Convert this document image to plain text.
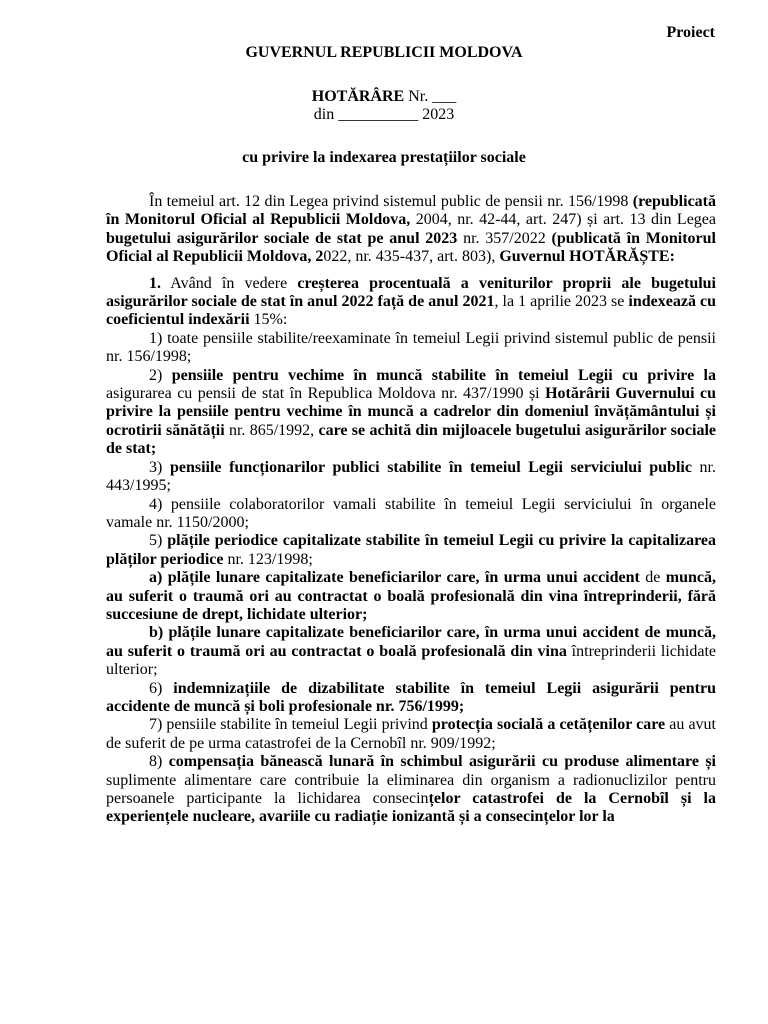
Proiect
GUVERNUL REPUBLICII MOLDOVA
HOTĂRÂRE Nr. ___
din __________ 2023
cu privire la indexarea prestațiilor sociale

În temeiul art. 12 din Legea privind sistemul public de pensii nr. 156/1998 (republicată în Monitorul Oficial al Republicii Moldova, 2004, nr. 42-44, art. 247) și art. 13 din Legea bugetului asigurărilor sociale de stat pe anul 2023 nr. 357/2022 (publicată în Monitorul Oficial al Republicii Moldova, 2022, nr. 435-437, art. 803), Guvernul HOTĂRĂȘTE:

1. Având în vedere creșterea procentuală a veniturilor proprii ale bugetului asigurărilor sociale de stat în anul 2022 față de anul 2021, la 1 aprilie 2023 se indexează cu coeficientul indexării 15%:

1) toate pensiile stabilite/reexaminate în temeiul Legii privind sistemul public de pensii nr. 156/1998;

2) pensiile pentru vechime în muncă stabilite în temeiul Legii cu privire la asigurarea cu pensii de stat în Republica Moldova nr. 437/1990 și Hotărârii Guvernului cu privire la pensiile pentru vechime în muncă a cadrelor din domeniul învățământului și ocrotirii sănătății nr. 865/1992, care se achită din mijloacele bugetului asigurărilor sociale de stat;

3) pensiile funcționarilor publici stabilite în temeiul Legii serviciului public nr. 443/1995;

4) pensiile colaboratorilor vamali stabilite în temeiul Legii serviciului în organele vamale nr. 1150/2000;

5) plățile periodice capitalizate stabilite în temeiul Legii cu privire la capitalizarea plăților periodice nr. 123/1998;

a) plățile lunare capitalizate beneficiarilor care, în urma unui accident de muncă, au suferit o traumă ori au contractat o boală profesională din vina întreprinderii, fără succesiune de drept, lichidate ulterior;

b) plățile lunare capitalizate beneficiarilor care, în urma unui accident de muncă, au suferit o traumă ori au contractat o boală profesională din vina întreprinderii lichidate ulterior;

6) indemnizațiile de dizabilitate stabilite în temeiul Legii asigurării pentru accidente de muncă și boli profesionale nr. 756/1999;

7) pensiile stabilite în temeiul Legii privind protecția socială a cetățenilor care au avut de suferit de pe urma catastrofei de la Cernobîl nr. 909/1992;

8) compensația bănească lunară în schimbul asigurării cu produse alimentare și suplimente alimentare care contribuie la eliminarea din organism a radionuclizilor pentru persoanele participante la lichidarea consecințelor catastrofei de la Cernobîl și la experiențele nucleare, avariile cu radiație ionizantă și a consecințelor lor la
